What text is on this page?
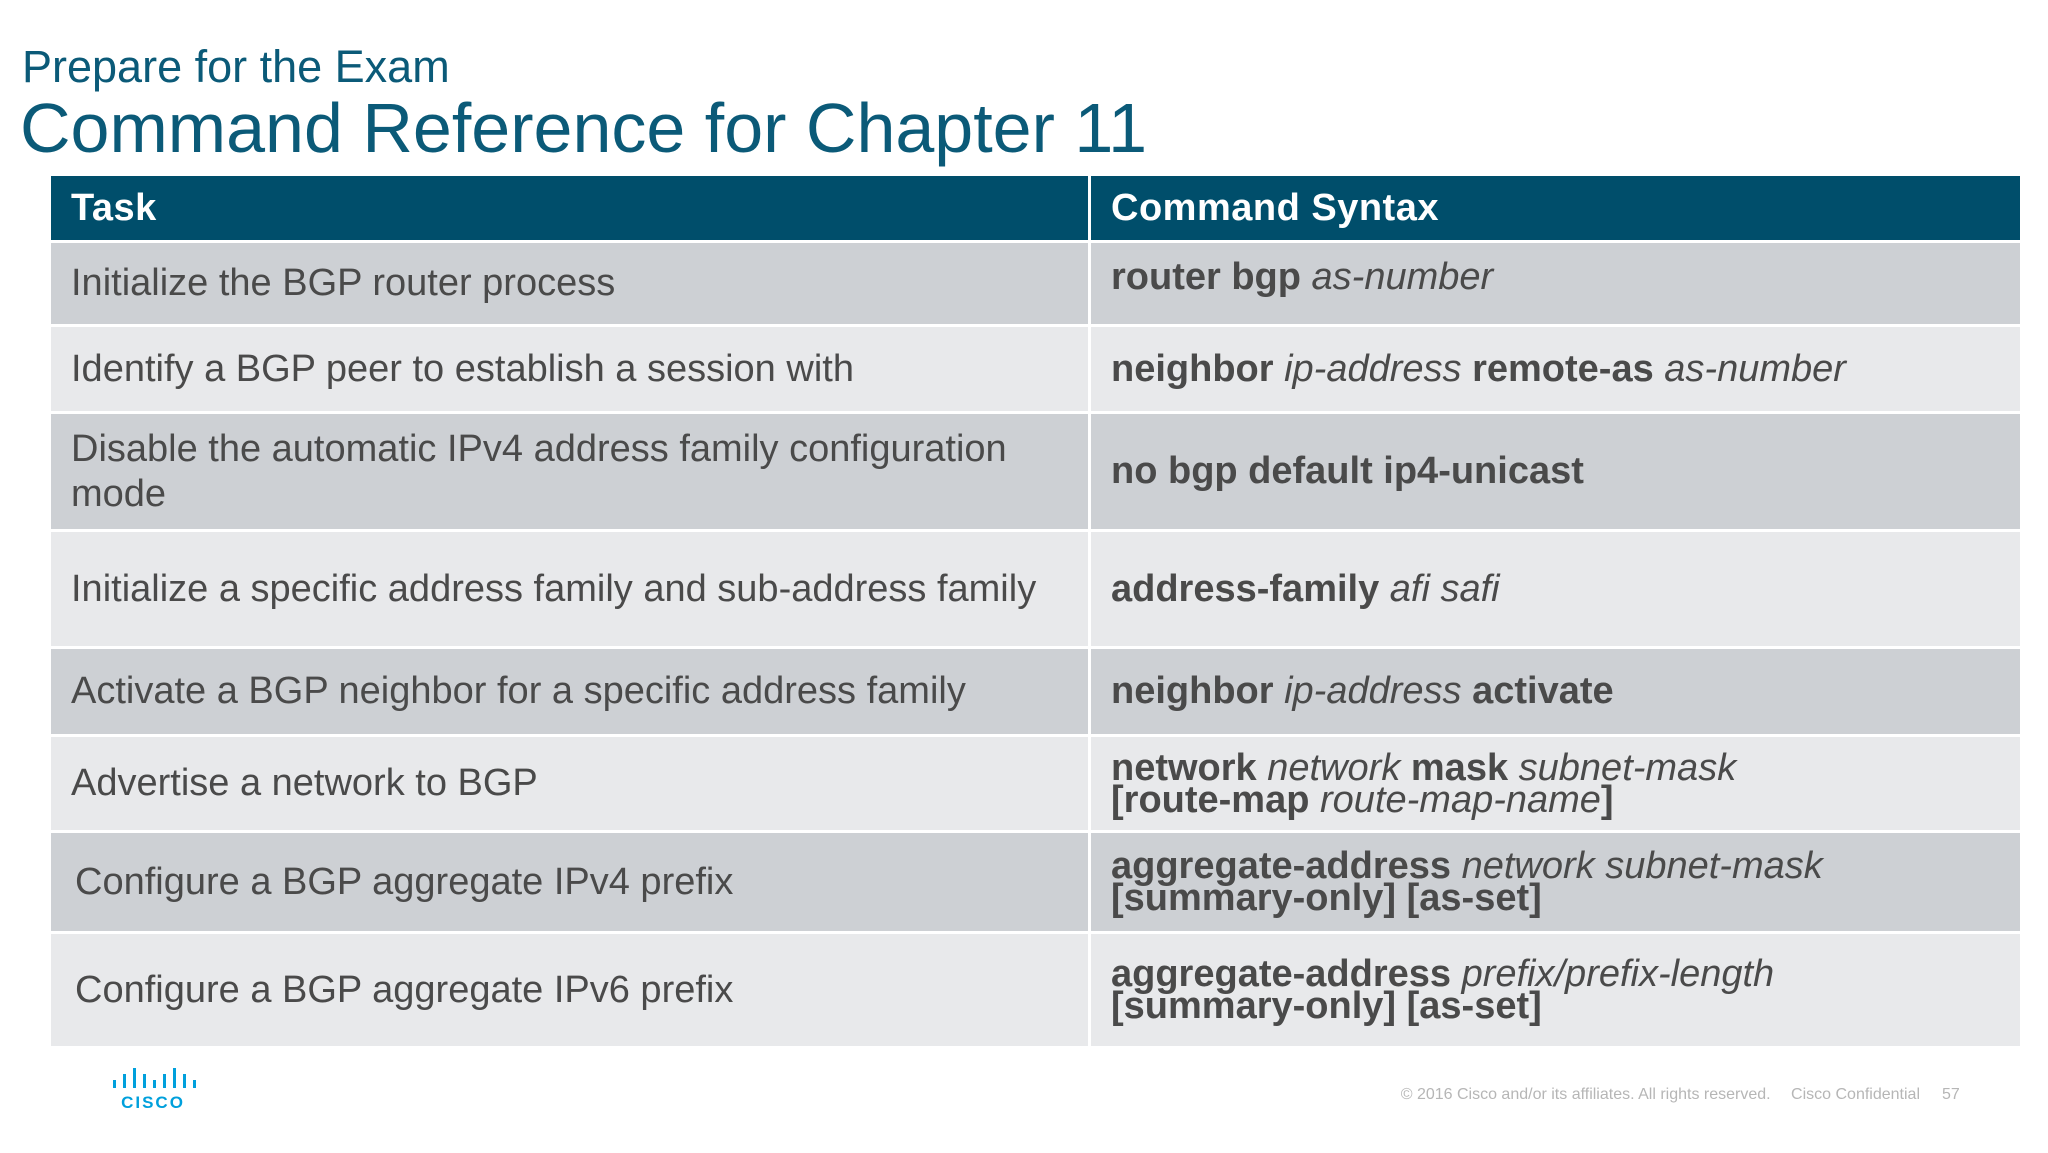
Prepare for the Exam
Command Reference for Chapter 11
Task	Command Syntax
Initialize the BGP router process	router bgp as-number
Identify a BGP peer to establish a session with	neighbor ip-address remote-as as-number
Disable the automatic IPv4 address family configuration mode	no bgp default ip4-unicast
Initialize a specific address family and sub-address family	address-family afi safi
Activate a BGP neighbor for a specific address family	neighbor ip-address activate
Advertise a network to BGP	network network mask subnet-mask
[route-map route-map-name]
Configure a BGP aggregate IPv4 prefix	aggregate-address network subnet-mask
[summary-only] [as-set]
Configure a BGP aggregate IPv6 prefix	aggregate-address prefix/prefix-length
[summary-only] [as-set]
CISCO	© 2016 Cisco and/or its affiliates. All rights reserved. Cisco Confidential 57
